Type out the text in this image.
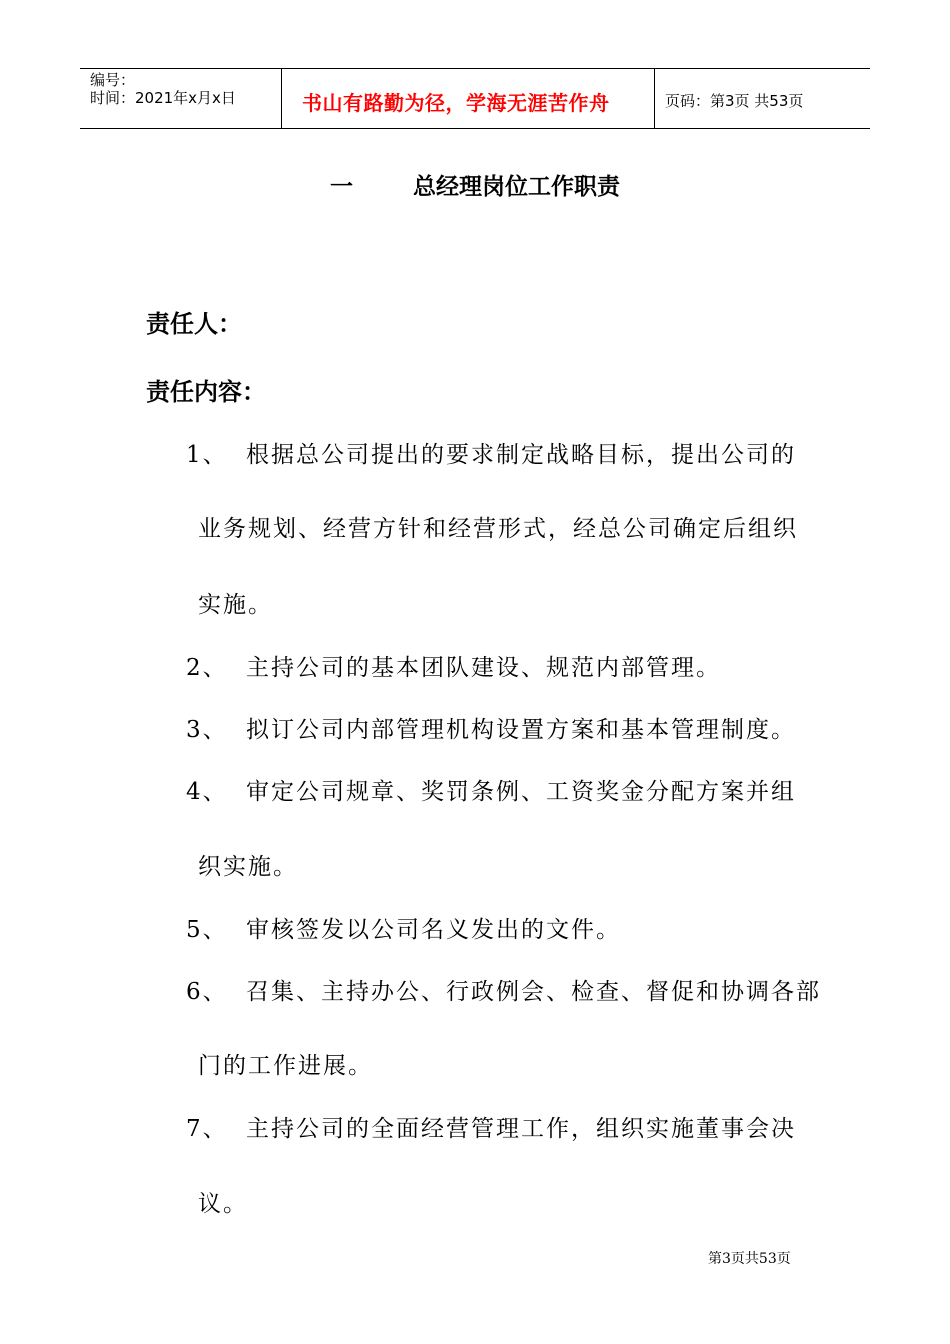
编号：
时间：2021年x月x日	书山有路勤为径，学海无涯苦作舟	页码：第3页 共53页
一	总经理岗位工作职责
责任人：
责任内容：
1、 根据总公司提出的要求制定战略目标，提出公司的
业务规划、经营方针和经营形式，经总公司确定后组织
实施。
2、 主持公司的基本团队建设、规范内部管理。
3、 拟订公司内部管理机构设置方案和基本管理制度。
4、 审定公司规章、奖罚条例、工资奖金分配方案并组
织实施。
5、 审核签发以公司名义发出的文件。
6、 召集、主持办公、行政例会、检查、督促和协调各部
门的工作进展。
7、 主持公司的全面经营管理工作，组织实施董事会决
议。
第3页共53页
